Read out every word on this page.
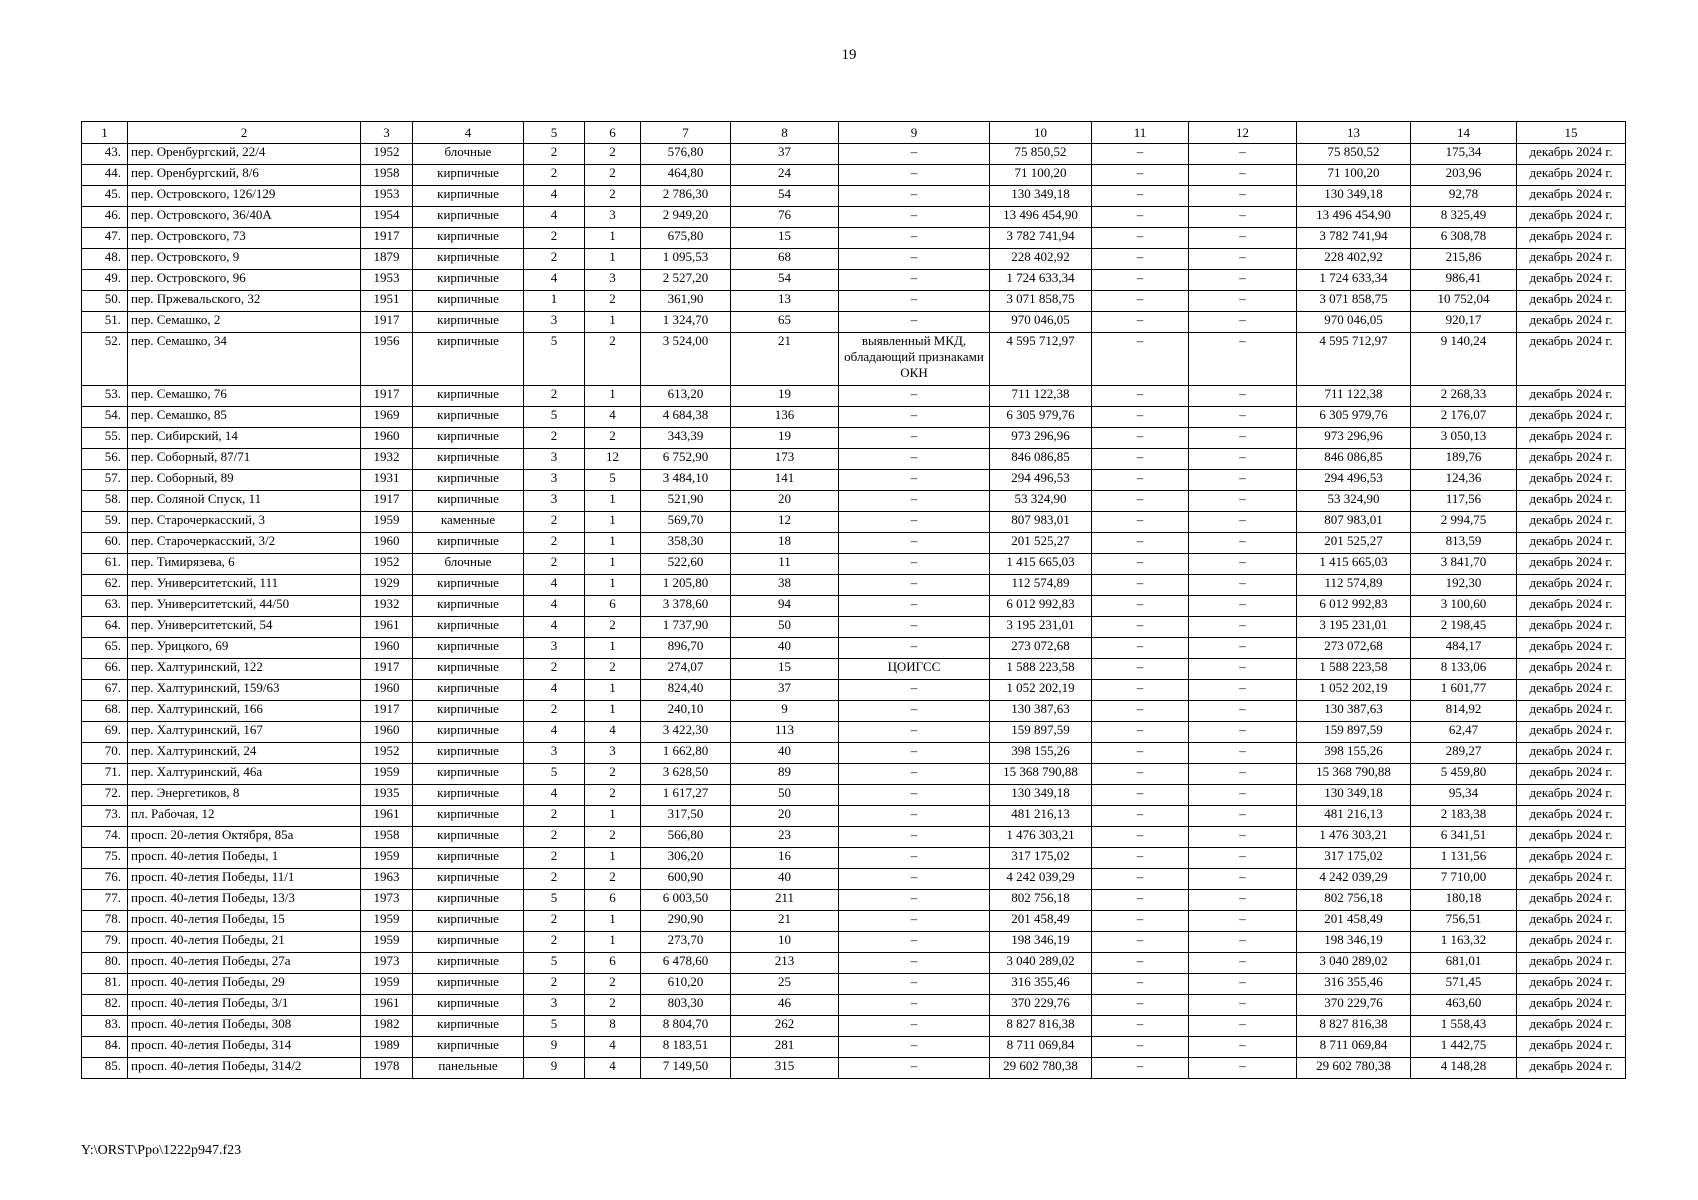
19
1	2	3	4	5	6	7	8	9	10	11	12	13	14	15
43.	пер. Оренбургский, 22/4	1952	блочные	2	2	576,80	37	–	75 850,52	–	–	75 850,52	175,34	декабрь 2024 г.
44.	пер. Оренбургский, 8/6	1958	кирпичные	2	2	464,80	24	–	71 100,20	–	–	71 100,20	203,96	декабрь 2024 г.
45.	пер. Островского, 126/129	1953	кирпичные	4	2	2 786,30	54	–	130 349,18	–	–	130 349,18	92,78	декабрь 2024 г.
46.	пер. Островского, 36/40А	1954	кирпичные	4	3	2 949,20	76	–	13 496 454,90	–	–	13 496 454,90	8 325,49	декабрь 2024 г.
47.	пер. Островского, 73	1917	кирпичные	2	1	675,80	15	–	3 782 741,94	–	–	3 782 741,94	6 308,78	декабрь 2024 г.
48.	пер. Островского, 9	1879	кирпичные	2	1	1 095,53	68	–	228 402,92	–	–	228 402,92	215,86	декабрь 2024 г.
49.	пер. Островского, 96	1953	кирпичные	4	3	2 527,20	54	–	1 724 633,34	–	–	1 724 633,34	986,41	декабрь 2024 г.
50.	пер. Пржевальского, 32	1951	кирпичные	1	2	361,90	13	–	3 071 858,75	–	–	3 071 858,75	10 752,04	декабрь 2024 г.
51.	пер. Семашко, 2	1917	кирпичные	3	1	1 324,70	65	–	970 046,05	–	–	970 046,05	920,17	декабрь 2024 г.
52.	пер. Семашко, 34	1956	кирпичные	5	2	3 524,00	21	выявленный МКД, обладающий признаками ОКН	4 595 712,97	–	–	4 595 712,97	9 140,24	декабрь 2024 г.
53.	пер. Семашко, 76	1917	кирпичные	2	1	613,20	19	–	711 122,38	–	–	711 122,38	2 268,33	декабрь 2024 г.
54.	пер. Семашко, 85	1969	кирпичные	5	4	4 684,38	136	–	6 305 979,76	–	–	6 305 979,76	2 176,07	декабрь 2024 г.
55.	пер. Сибирский, 14	1960	кирпичные	2	2	343,39	19	–	973 296,96	–	–	973 296,96	3 050,13	декабрь 2024 г.
56.	пер. Соборный, 87/71	1932	кирпичные	3	12	6 752,90	173	–	846 086,85	–	–	846 086,85	189,76	декабрь 2024 г.
57.	пер. Соборный, 89	1931	кирпичные	3	5	3 484,10	141	–	294 496,53	–	–	294 496,53	124,36	декабрь 2024 г.
58.	пер. Соляной Спуск, 11	1917	кирпичные	3	1	521,90	20	–	53 324,90	–	–	53 324,90	117,56	декабрь 2024 г.
59.	пер. Старочеркасский, 3	1959	каменные	2	1	569,70	12	–	807 983,01	–	–	807 983,01	2 994,75	декабрь 2024 г.
60.	пер. Старочеркасский, 3/2	1960	кирпичные	2	1	358,30	18	–	201 525,27	–	–	201 525,27	813,59	декабрь 2024 г.
61.	пер. Тимирязева, 6	1952	блочные	2	1	522,60	11	–	1 415 665,03	–	–	1 415 665,03	3 841,70	декабрь 2024 г.
62.	пер. Университетский, 111	1929	кирпичные	4	1	1 205,80	38	–	112 574,89	–	–	112 574,89	192,30	декабрь 2024 г.
63.	пер. Университетский, 44/50	1932	кирпичные	4	6	3 378,60	94	–	6 012 992,83	–	–	6 012 992,83	3 100,60	декабрь 2024 г.
64.	пер. Университетский, 54	1961	кирпичные	4	2	1 737,90	50	–	3 195 231,01	–	–	3 195 231,01	2 198,45	декабрь 2024 г.
65.	пер. Урицкого, 69	1960	кирпичные	3	1	896,70	40	–	273 072,68	–	–	273 072,68	484,17	декабрь 2024 г.
66.	пер. Халтуринский, 122	1917	кирпичные	2	2	274,07	15	ЦОИГСС	1 588 223,58	–	–	1 588 223,58	8 133,06	декабрь 2024 г.
67.	пер. Халтуринский, 159/63	1960	кирпичные	4	1	824,40	37	–	1 052 202,19	–	–	1 052 202,19	1 601,77	декабрь 2024 г.
68.	пер. Халтуринский, 166	1917	кирпичные	2	1	240,10	9	–	130 387,63	–	–	130 387,63	814,92	декабрь 2024 г.
69.	пер. Халтуринский, 167	1960	кирпичные	4	4	3 422,30	113	–	159 897,59	–	–	159 897,59	62,47	декабрь 2024 г.
70.	пер. Халтуринский, 24	1952	кирпичные	3	3	1 662,80	40	–	398 155,26	–	–	398 155,26	289,27	декабрь 2024 г.
71.	пер. Халтуринский, 46а	1959	кирпичные	5	2	3 628,50	89	–	15 368 790,88	–	–	15 368 790,88	5 459,80	декабрь 2024 г.
72.	пер. Энергетиков, 8	1935	кирпичные	4	2	1 617,27	50	–	130 349,18	–	–	130 349,18	95,34	декабрь 2024 г.
73.	пл. Рабочая, 12	1961	кирпичные	2	1	317,50	20	–	481 216,13	–	–	481 216,13	2 183,38	декабрь 2024 г.
74.	просп. 20-летия Октября, 85а	1958	кирпичные	2	2	566,80	23	–	1 476 303,21	–	–	1 476 303,21	6 341,51	декабрь 2024 г.
75.	просп. 40-летия Победы, 1	1959	кирпичные	2	1	306,20	16	–	317 175,02	–	–	317 175,02	1 131,56	декабрь 2024 г.
76.	просп. 40-летия Победы, 11/1	1963	кирпичные	2	2	600,90	40	–	4 242 039,29	–	–	4 242 039,29	7 710,00	декабрь 2024 г.
77.	просп. 40-летия Победы, 13/3	1973	кирпичные	5	6	6 003,50	211	–	802 756,18	–	–	802 756,18	180,18	декабрь 2024 г.
78.	просп. 40-летия Победы, 15	1959	кирпичные	2	1	290,90	21	–	201 458,49	–	–	201 458,49	756,51	декабрь 2024 г.
79.	просп. 40-летия Победы, 21	1959	кирпичные	2	1	273,70	10	–	198 346,19	–	–	198 346,19	1 163,32	декабрь 2024 г.
80.	просп. 40-летия Победы, 27а	1973	кирпичные	5	6	6 478,60	213	–	3 040 289,02	–	–	3 040 289,02	681,01	декабрь 2024 г.
81.	просп. 40-летия Победы, 29	1959	кирпичные	2	2	610,20	25	–	316 355,46	–	–	316 355,46	571,45	декабрь 2024 г.
82.	просп. 40-летия Победы, 3/1	1961	кирпичные	3	2	803,30	46	–	370 229,76	–	–	370 229,76	463,60	декабрь 2024 г.
83.	просп. 40-летия Победы, 308	1982	кирпичные	5	8	8 804,70	262	–	8 827 816,38	–	–	8 827 816,38	1 558,43	декабрь 2024 г.
84.	просп. 40-летия Победы, 314	1989	кирпичные	9	4	8 183,51	281	–	8 711 069,84	–	–	8 711 069,84	1 442,75	декабрь 2024 г.
85.	просп. 40-летия Победы, 314/2	1978	панельные	9	4	7 149,50	315	–	29 602 780,38	–	–	29 602 780,38	4 148,28	декабрь 2024 г.
Y:\ORST\Ppo\1222p947.f23
